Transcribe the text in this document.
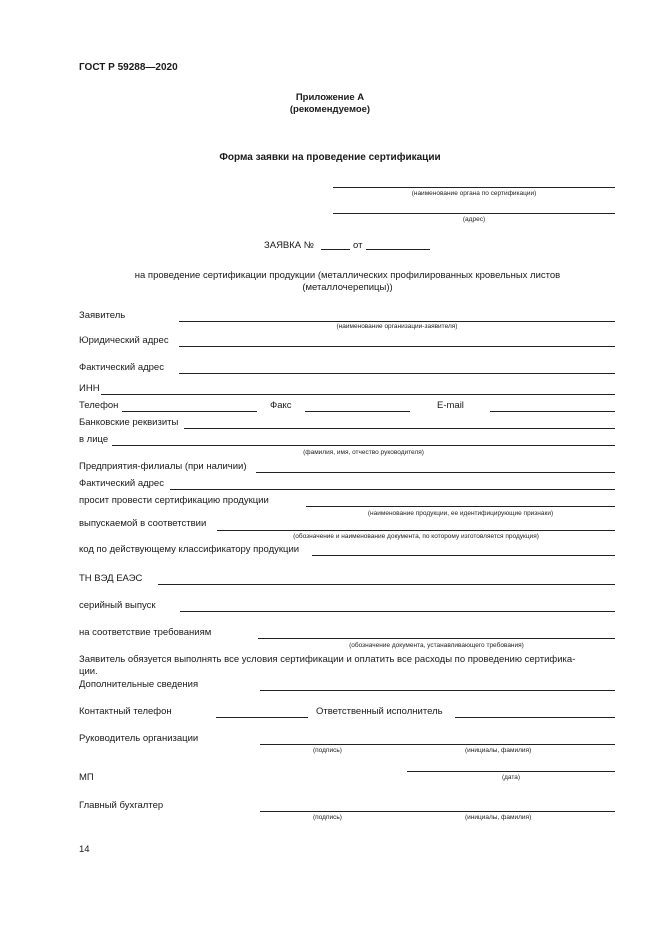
ГОСТ Р 59288—2020
Приложение А
(рекомендуемое)
Форма заявки на проведение сертификации
(наименование органа по сертификации)
(адрес)
ЗАЯВКА №	от
на проведение сертификации продукции (металлических профилированных кровельных листов
(металлочерепицы))
Заявитель
(наименование организации-заявителя)
Юридический адрес
Фактический адрес
ИНН
Телефон	Факс	E-mail
Банковские реквизиты
в лице
(фамилия, имя, отчество руководителя)
Предприятия-филиалы (при наличии)
Фактический адрес
просит провести сертификацию продукции
(наименование продукции, ее идентифицирующие признаки)
выпускаемой в соответствии
(обозначение и наименование документа, по которому изготовляется продукция)
код по действующему классификатору продукции
ТН ВЭД ЕАЭС
серийный выпуск
на соответствие требованиям
(обозначение документа, устанавливающего требования)
Заявитель обязуется выполнять все условия сертификации и оплатить все расходы по проведению сертифика-
ции.
Дополнительные сведения
Контактный телефон	Ответственный исполнитель
Руководитель организации
(подпись)	(инициалы, фамилия)
МП	(дата)
Главный бухгалтер
(подпись)	(инициалы, фамилия)
14
